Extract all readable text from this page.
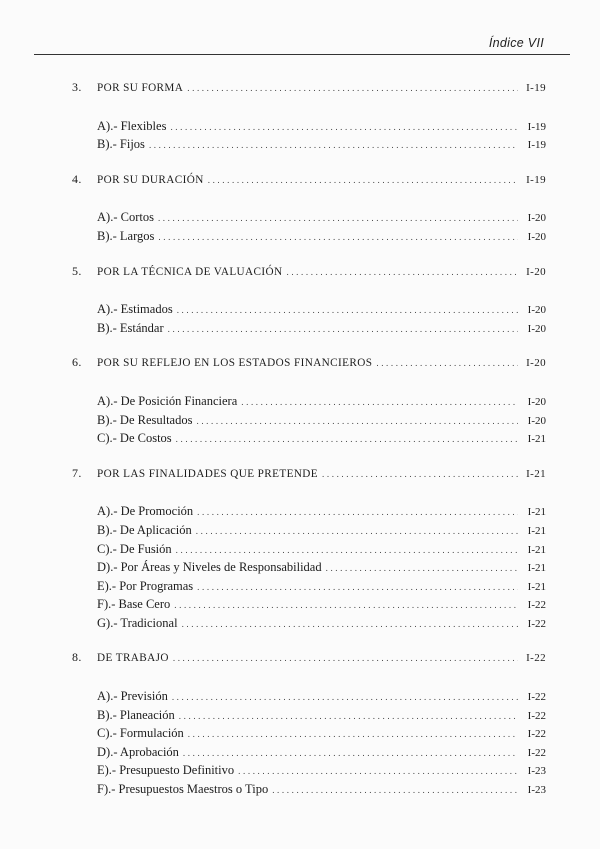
Índice VII
3.	POR SU FORMA .....	I-19
A).- Flexibles .....	I-19
B).- Fijos .....	I-19
4.	POR SU DURACIÓN .....	I-19
A).- Cortos .....	I-20
B).- Largos .....	I-20
5.	POR LA TÉCNICA DE VALUACIÓN .....	I-20
A).- Estimados .....	I-20
B).- Estándar .....	I-20
6.	POR SU REFLEJO EN LOS ESTADOS FINANCIEROS .....	I-20
A).- De Posición Financiera .....	I-20
B).- De Resultados .....	I-20
C).- De Costos .....	I-21
7.	POR LAS FINALIDADES QUE PRETENDE .....	I-21
A).- De Promoción .....	I-21
B).- De Aplicación .....	I-21
C).- De Fusión .....	I-21
D).- Por Áreas y Niveles de Responsabilidad .....	I-21
E).- Por Programas .....	I-21
F).- Base Cero .....	I-22
G).- Tradicional .....	I-22
8.	DE TRABAJO .....	I-22
A).- Previsión .....	I-22
B).- Planeación .....	I-22
C).- Formulación .....	I-22
D).- Aprobación .....	I-22
E).- Presupuesto Definitivo .....	I-23
F).- Presupuestos Maestros o Tipo .....	I-23
